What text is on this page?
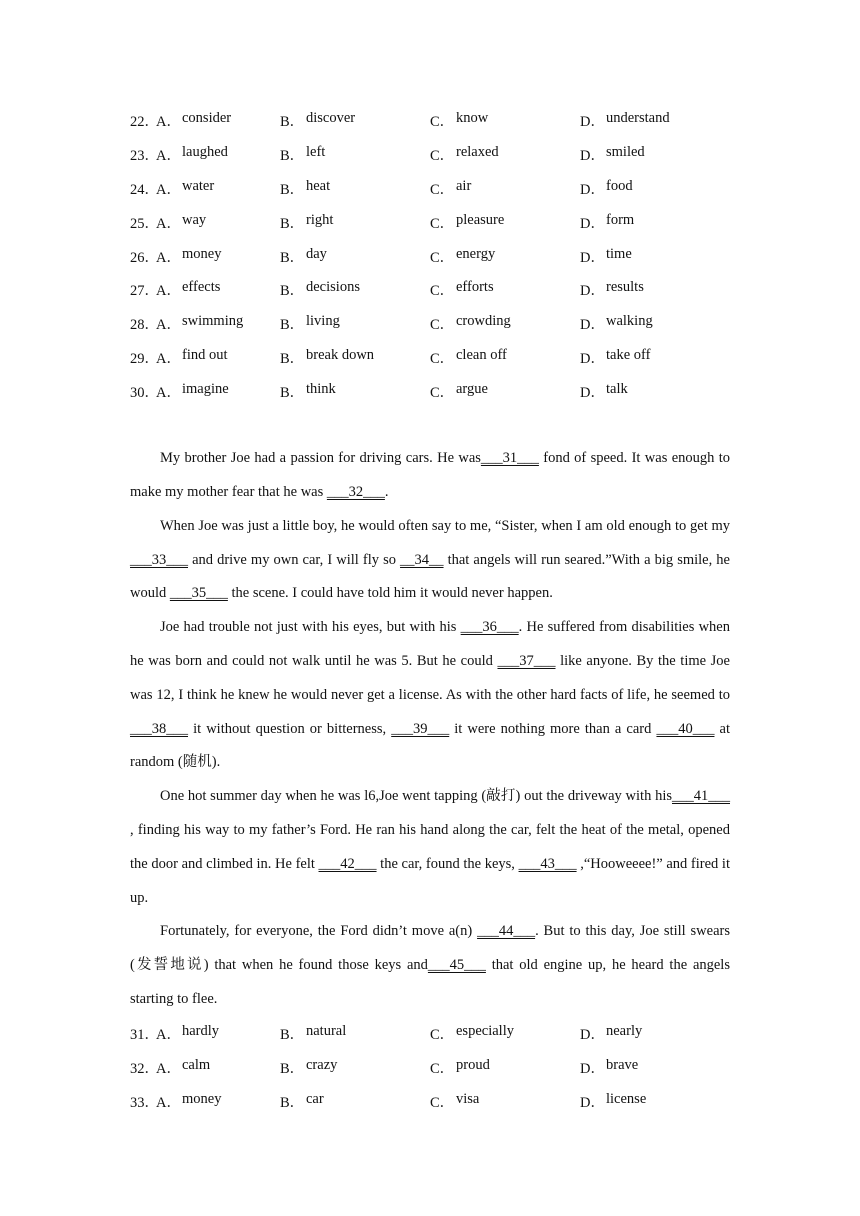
22．
A． consider	B． discover	C． know	D． understand
23．
A． laughed	B． left	C． relaxed	D． smiled
24．
A． water	B． heat	C． air	D． food
25．
A． way	B． right	C． pleasure	D． form
26．
A． money	B． day	C． energy	D． time
27．
A． effects	B． decisions	C． efforts	D． results
28．
A． swimming	B． living	C． crowding	D． walking
29．
A． find out	B． break down	C． clean off	D． take off
30．
A． imagine	B． think	C． argue	D． talk

My brother Joe had a passion for driving cars. He was___31___ fond of speed. It was enough to make my mother fear that he was ___32___.

When Joe was just a little boy, he would often say to me, “Sister, when I am old enough to get my ___33___ and drive my own car, I will fly so __34__ that angels will run seared.”With a big smile, he would ___35___ the scene. I could have told him it would never happen.

Joe had trouble not just with his eyes, but with his ___36___. He suffered from disabilities when he was born and could not walk until he was 5. But he could ___37___ like anyone. By the time Joe was 12, I think he knew he would never get a license. As with the other hard facts of life, he seemed to ___38___ it without question or bitterness, ___39___ it were nothing more than a card ___40___ at random (随机).

One hot summer day when he was l6,Joe went tapping (敲打) out the driveway with his___41___ , finding his way to my father’s Ford. He ran his hand along the car, felt the heat of the metal, opened the door and climbed in. He felt ___42___ the car, found the keys, ___43___ ,“Hooweeee!” and fired it up.

Fortunately, for everyone, the Ford didn’t move a(n) ___44___. But to this day, Joe still swears (发誓地说) that when he found those keys and___45___ that old engine up, he heard the angels starting to flee.

31．
A． hardly	B． natural	C． especially	D． nearly
32．
A． calm	B． crazy	C． proud	D． brave
33．
A． money	B． car	C． visa	D． license
